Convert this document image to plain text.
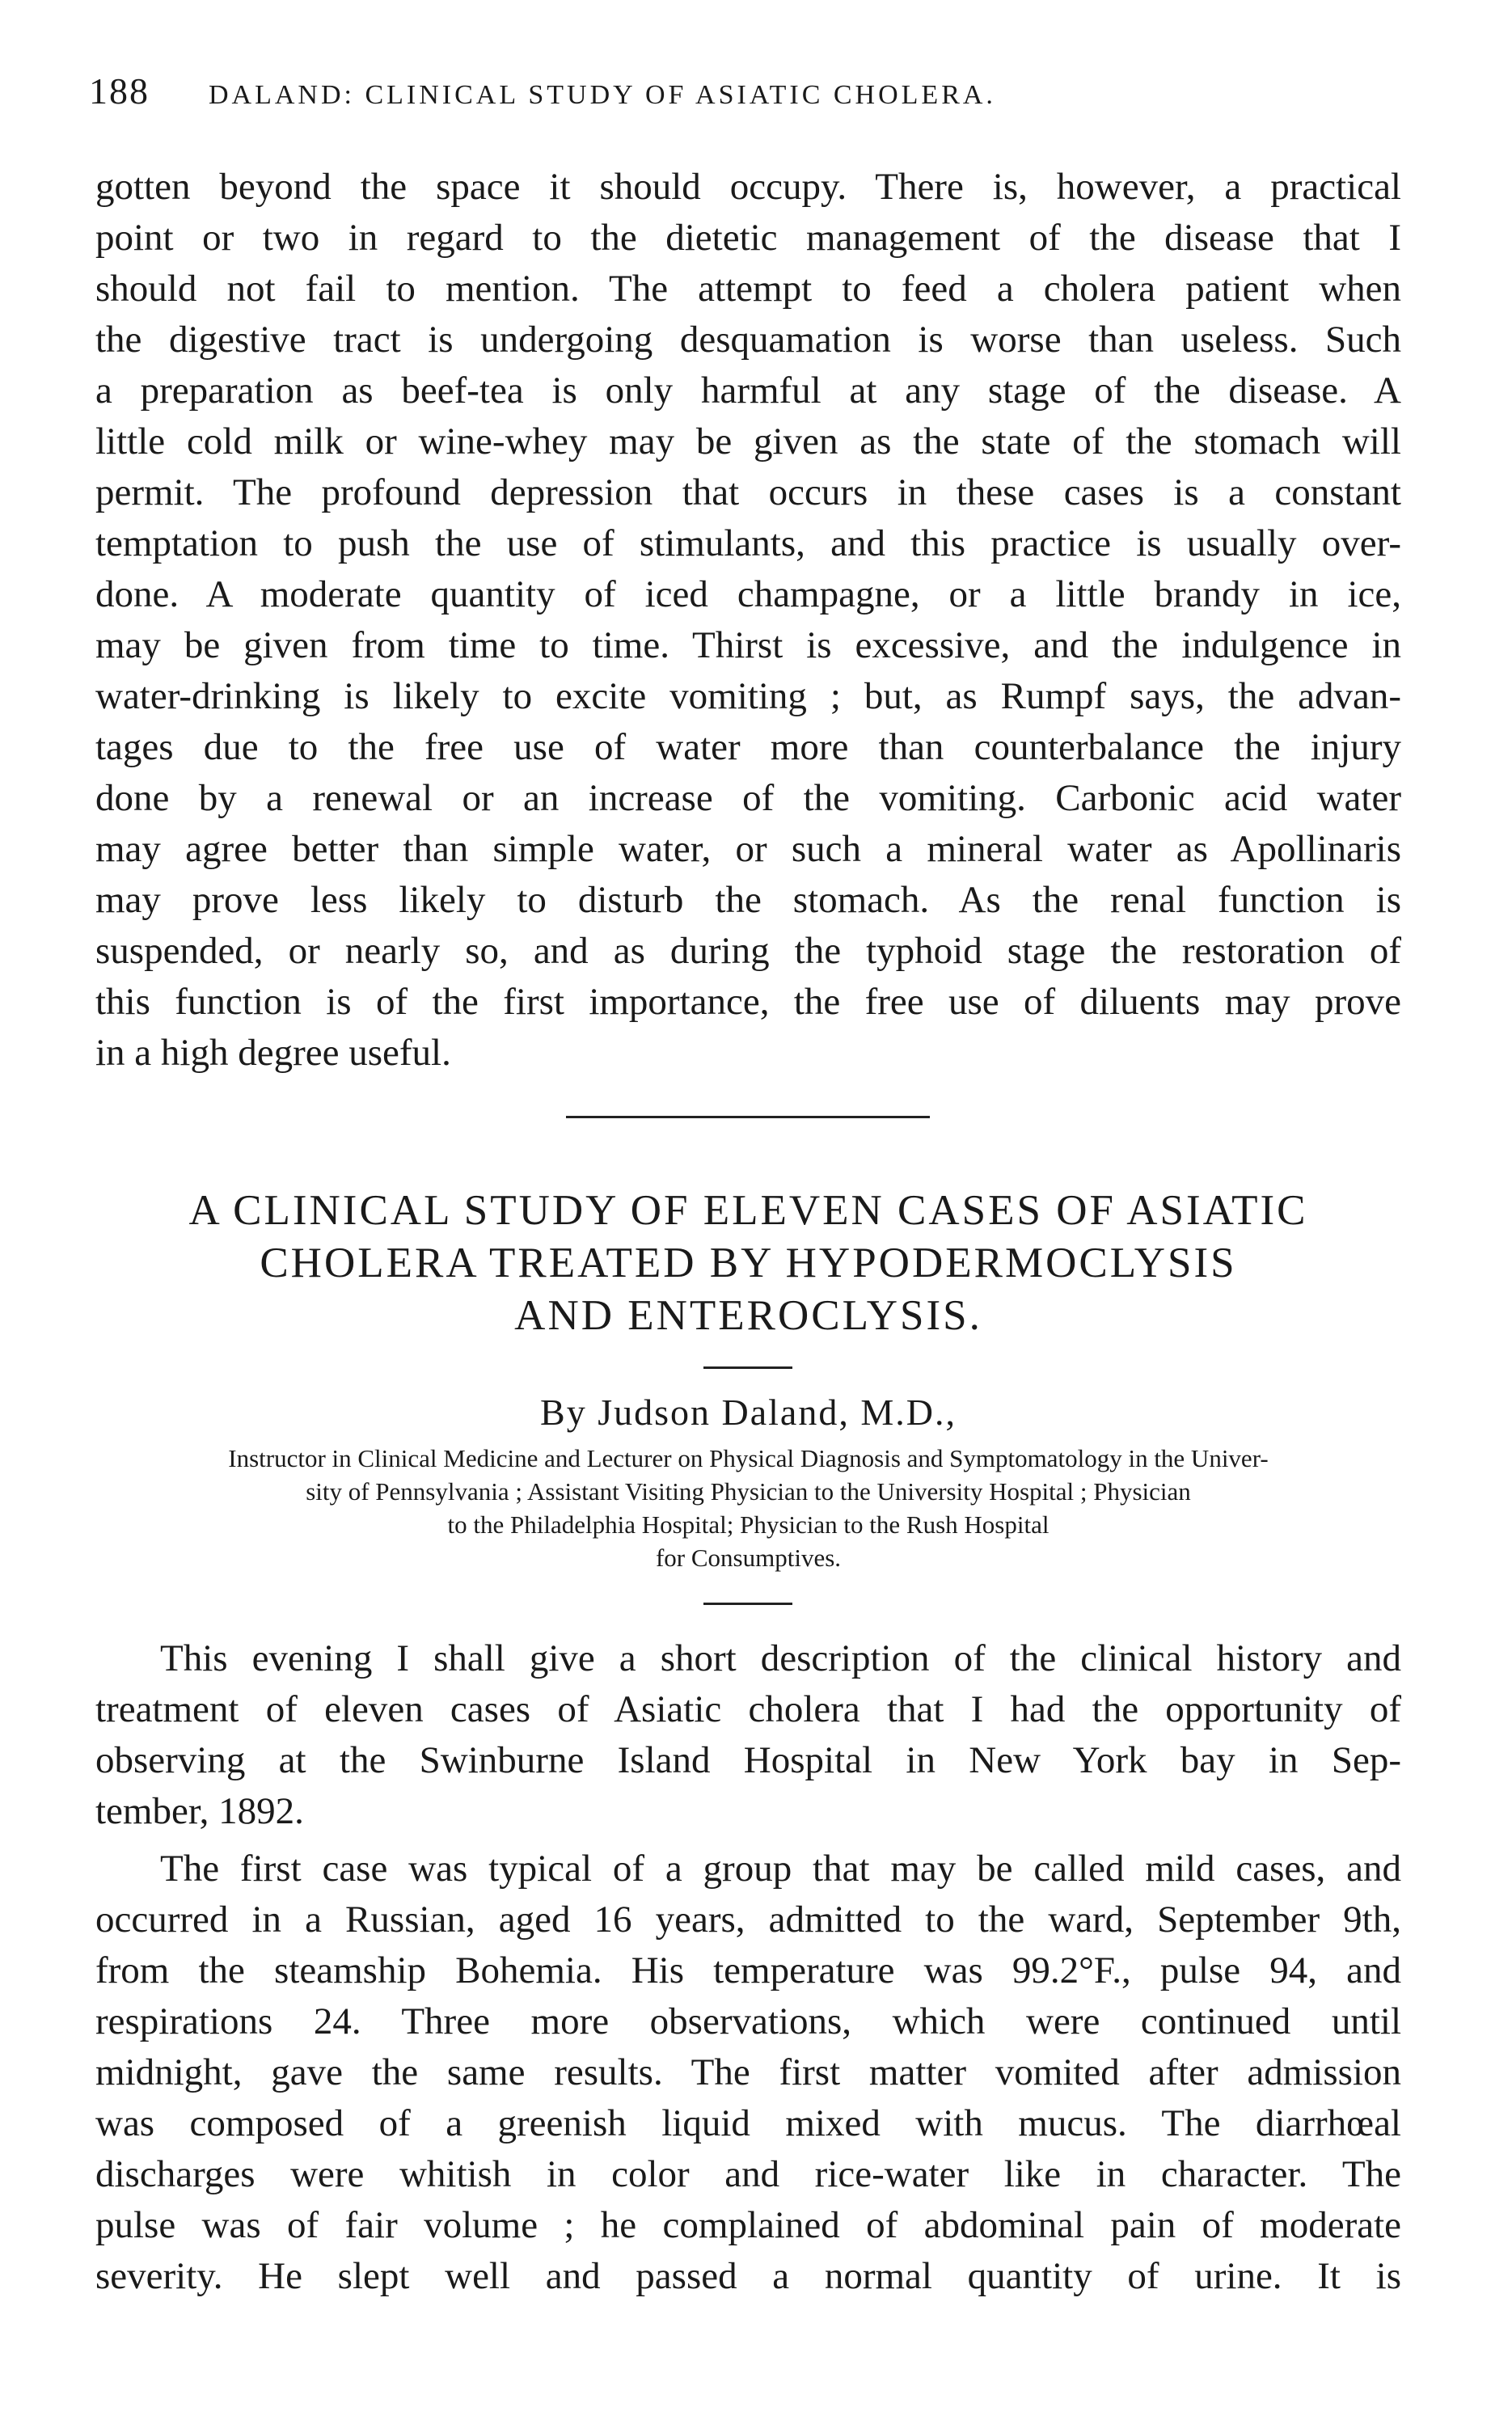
188 DALAND: CLINICAL STUDY OF ASIATIC CHOLERA.
gotten beyond the space it should occupy. There is, however, a practical
point or two in regard to the dietetic management of the disease that I
should not fail to mention. The attempt to feed a cholera patient when
the digestive tract is undergoing desquamation is worse than useless. Such
a preparation as beef-tea is only harmful at any stage of the disease. A
little cold milk or wine-whey may be given as the state of the stomach will
permit. The profound depression that occurs in these cases is a constant
temptation to push the use of stimulants, and this practice is usually over-
done. A moderate quantity of iced champagne, or a little brandy in ice,
may be given from time to time. Thirst is excessive, and the indulgence in
water-drinking is likely to excite vomiting ; but, as Rumpf says, the advan-
tages due to the free use of water more than counterbalance the injury
done by a renewal or an increase of the vomiting. Carbonic acid water
may agree better than simple water, or such a mineral water as Apollinaris
may prove less likely to disturb the stomach. As the renal function is
suspended, or nearly so, and as during the typhoid stage the restoration of
this function is of the first importance, the free use of diluents may prove
in a high degree useful.
A CLINICAL STUDY OF ELEVEN CASES OF ASIATIC
CHOLERA TREATED BY HYPODERMOCLYSIS
AND ENTEROCLYSIS.
By Judson Daland, M.D.,
Instructor in Clinical Medicine and Lecturer on Physical Diagnosis and Symptomatology in the Univer-
sity of Pennsylvania ; Assistant Visiting Physician to the University Hospital ; Physician
to the Philadelphia Hospital; Physician to the Rush Hospital
for Consumptives.
This evening I shall give a short description of the clinical history and
treatment of eleven cases of Asiatic cholera that I had the opportunity of
observing at the Swinburne Island Hospital in New York bay in Sep-
tember, 1892.
The first case was typical of a group that may be called mild cases, and
occurred in a Russian, aged 16 years, admitted to the ward, September 9th,
from the steamship Bohemia. His temperature was 99.2°F., pulse 94, and
respirations 24. Three more observations, which were continued until
midnight, gave the same results. The first matter vomited after admission
was composed of a greenish liquid mixed with mucus. The diarrhœal
discharges were whitish in color and rice-water like in character. The
pulse was of fair volume ; he complained of abdominal pain of moderate
severity. He slept well and passed a normal quantity of urine. It is
